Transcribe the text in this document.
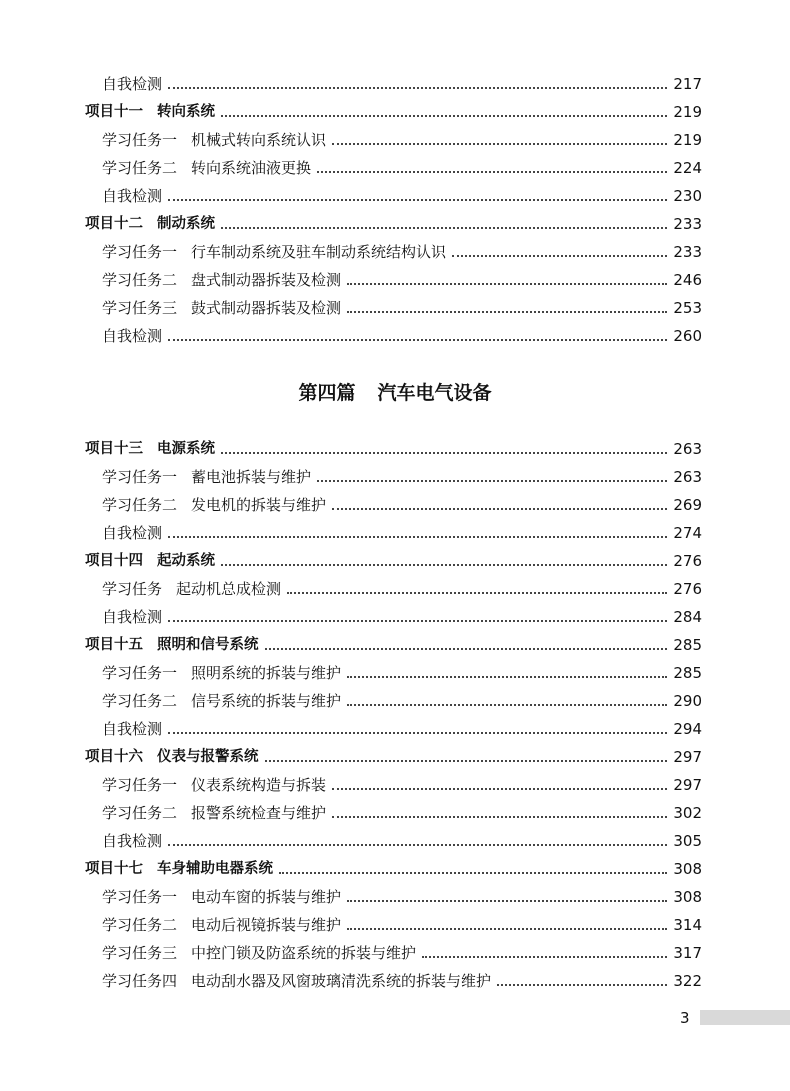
自我检测	217
项目十一 转向系统	219
学习任务一 机械式转向系统认识	219
学习任务二 转向系统油液更换	224
自我检测	230
项目十二 制动系统	233
学习任务一 行车制动系统及驻车制动系统结构认识	233
学习任务二 盘式制动器拆装及检测	246
学习任务三 鼓式制动器拆装及检测	253
自我检测	260
项目十三 电源系统	263
学习任务一 蓄电池拆装与维护	263
学习任务二 发电机的拆装与维护	269
自我检测	274
项目十四 起动系统	276
学习任务 起动机总成检测	276
自我检测	284
项目十五 照明和信号系统	285
学习任务一 照明系统的拆装与维护	285
学习任务二 信号系统的拆装与维护	290
自我检测	294
项目十六 仪表与报警系统	297
学习任务一 仪表系统构造与拆装	297
学习任务二 报警系统检查与维护	302
自我检测	305
项目十七 车身辅助电器系统	308
学习任务一 电动车窗的拆装与维护	308
学习任务二 电动后视镜拆装与维护	314
学习任务三 中控门锁及防盗系统的拆装与维护	317
学习任务四 电动刮水器及风窗玻璃清洗系统的拆装与维护	322
第四篇 汽车电气设备
3
